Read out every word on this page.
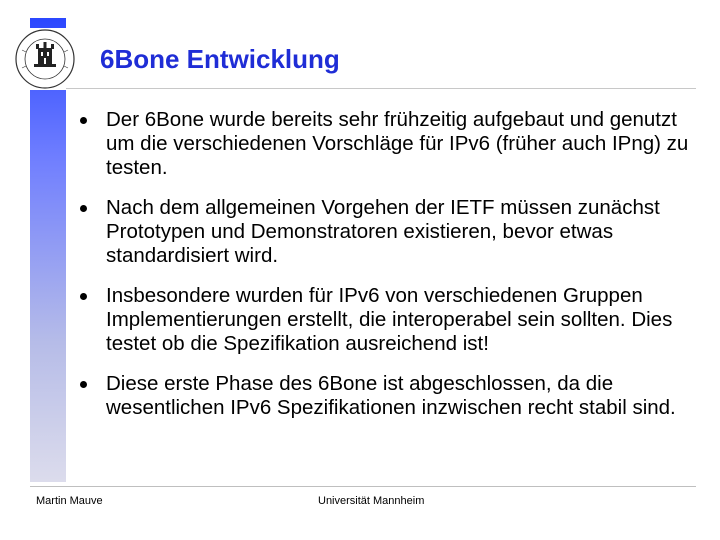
6Bone Entwicklung
Der 6Bone wurde bereits sehr frühzeitig aufgebaut und genutzt um die verschiedenen Vorschläge für IPv6 (früher auch IPng) zu testen.
Nach dem allgemeinen Vorgehen der IETF müssen zunächst Prototypen und Demonstratoren existieren, bevor etwas standardisiert wird.
Insbesondere wurden für IPv6 von verschiedenen Gruppen Implementierungen erstellt, die interoperabel sein sollten. Dies testet ob die Spezifikation ausreichend ist!
Diese erste Phase des 6Bone ist abgeschlossen, da die wesentlichen IPv6 Spezifikationen inzwischen recht stabil sind.
Martin Mauve	Universität Mannheim
